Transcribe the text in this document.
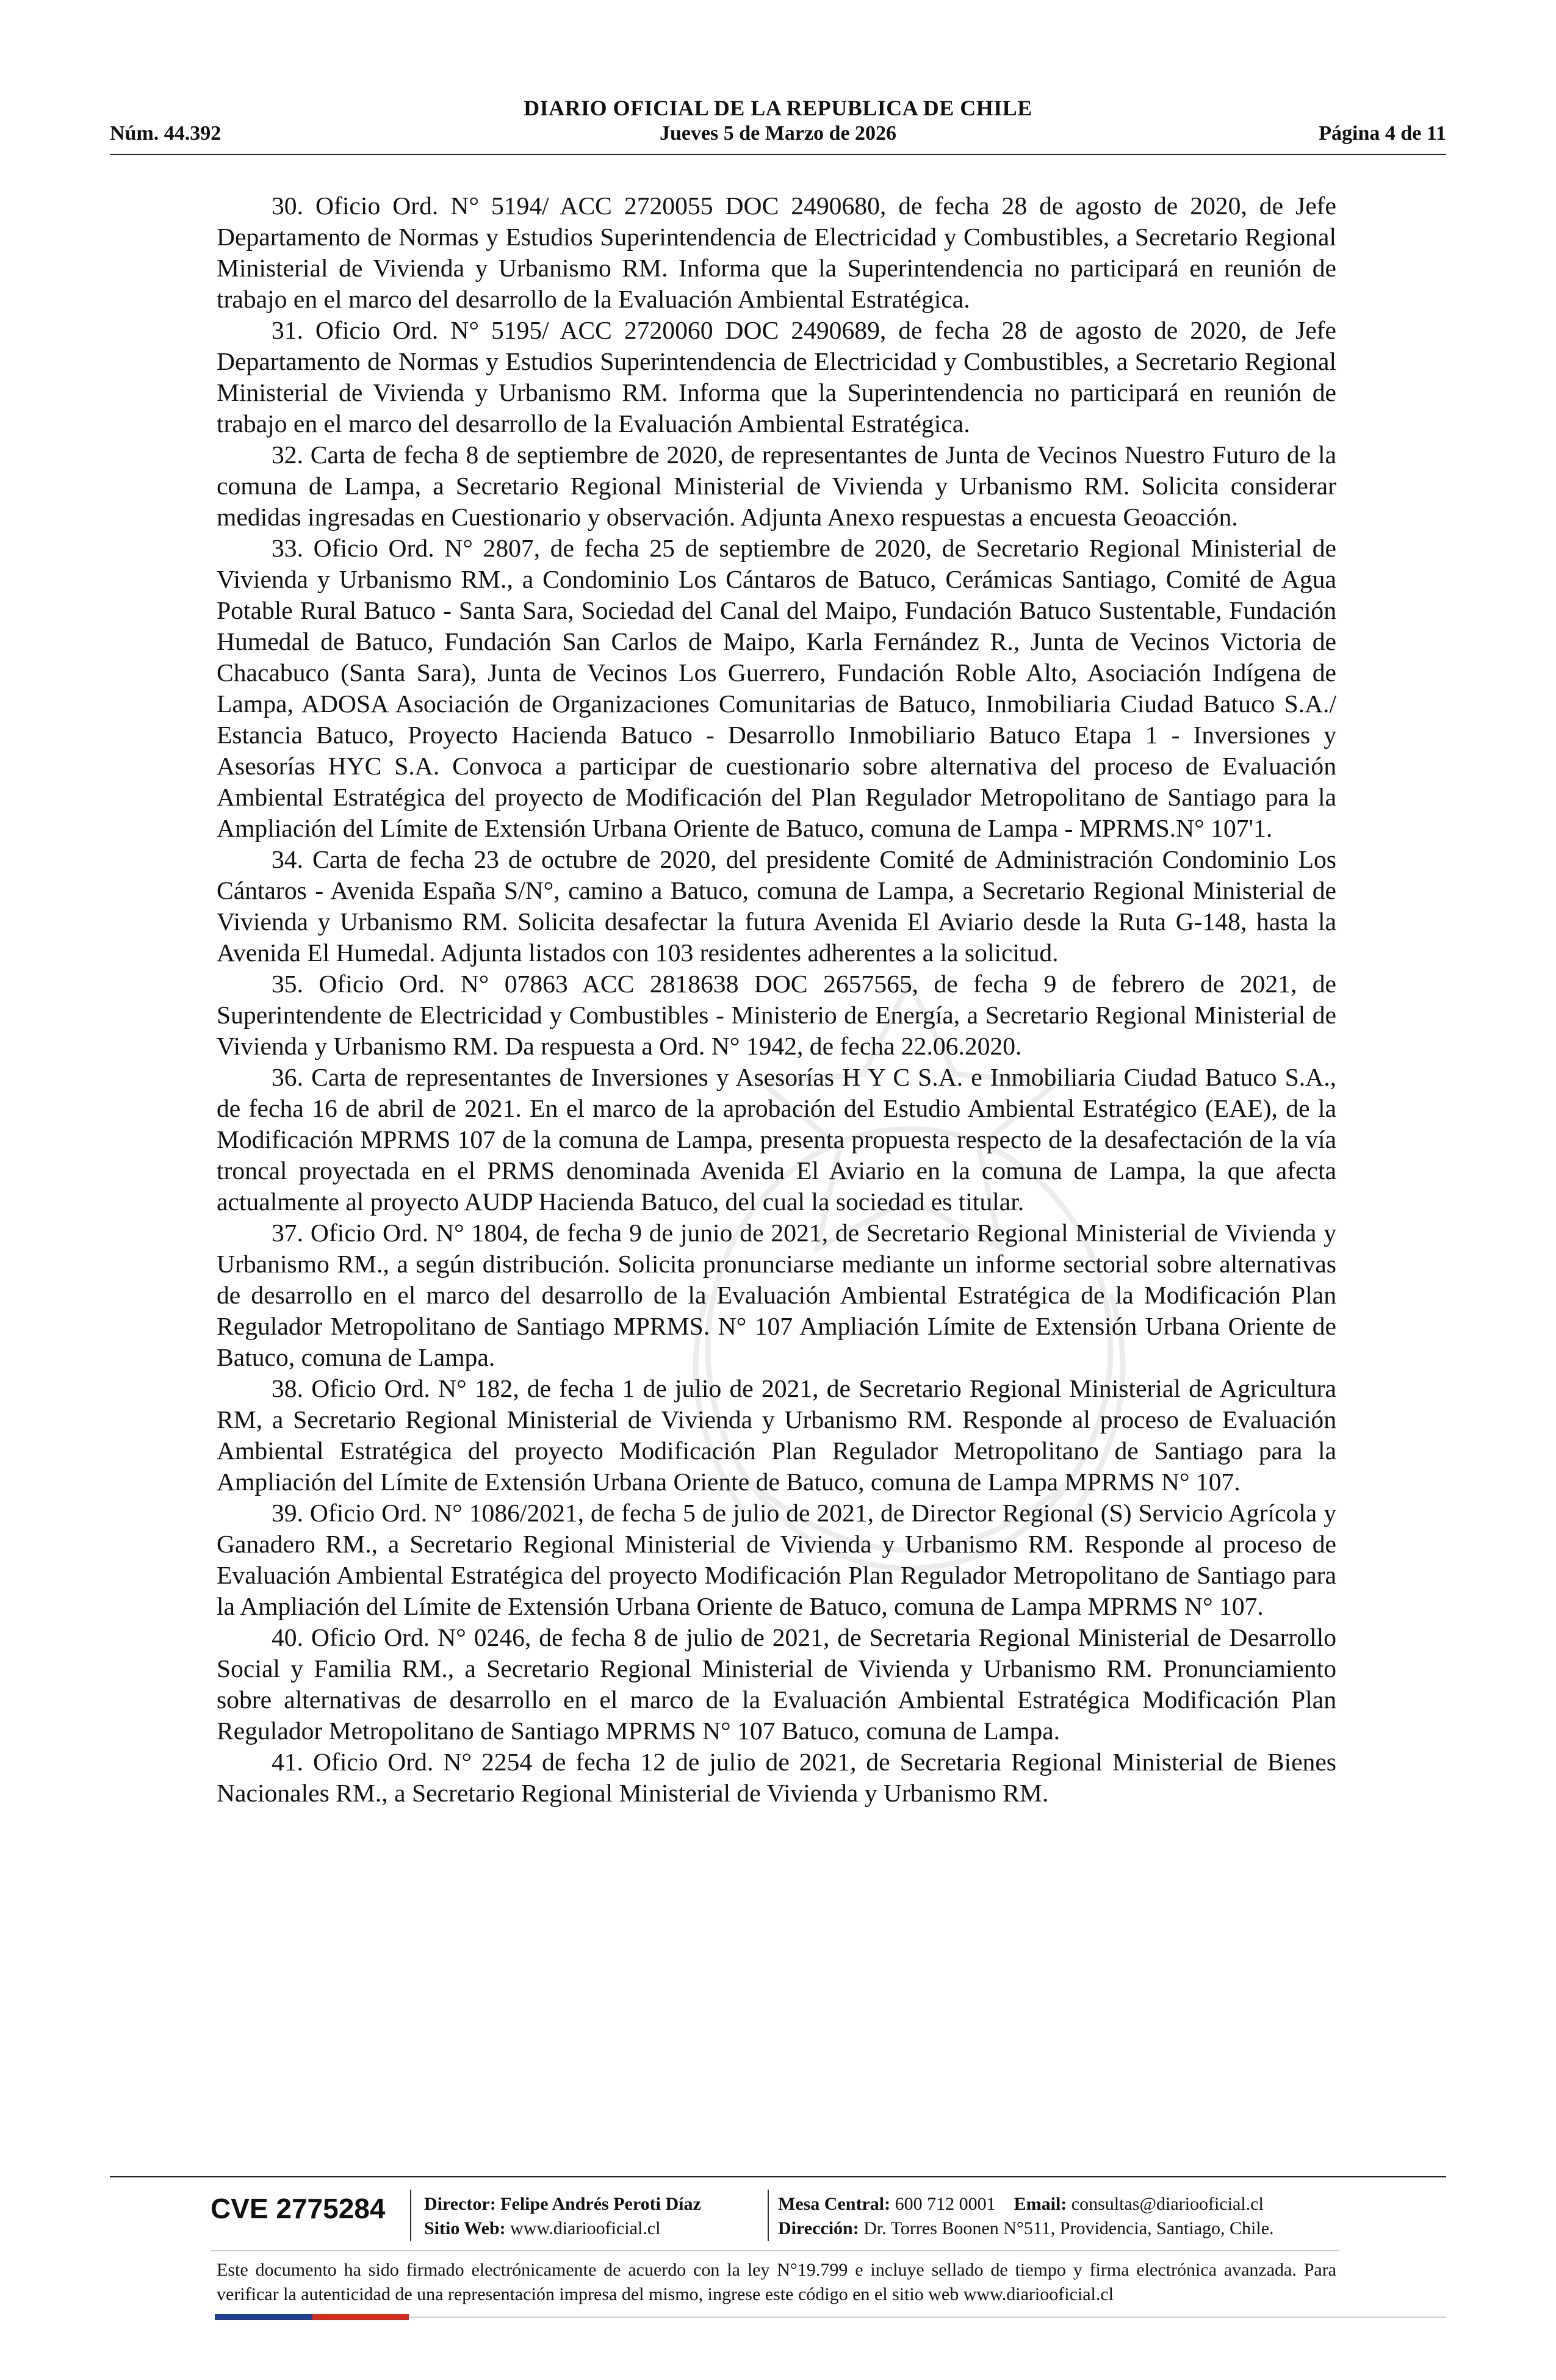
DIARIO OFICIAL DE LA REPUBLICA DE CHILE
Núm. 44.392	Jueves 5 de Marzo de 2026	Página 4 de 11

30. Oficio Ord. N° 5194/ ACC 2720055 DOC 2490680, de fecha 28 de agosto de 2020, de Jefe Departamento de Normas y Estudios Superintendencia de Electricidad y Combustibles, a Secretario Regional Ministerial de Vivienda y Urbanismo RM. Informa que la Superintendencia no participará en reunión de trabajo en el marco del desarrollo de la Evaluación Ambiental Estratégica.

31. Oficio Ord. N° 5195/ ACC 2720060 DOC 2490689, de fecha 28 de agosto de 2020, de Jefe Departamento de Normas y Estudios Superintendencia de Electricidad y Combustibles, a Secretario Regional Ministerial de Vivienda y Urbanismo RM. Informa que la Superintendencia no participará en reunión de trabajo en el marco del desarrollo de la Evaluación Ambiental Estratégica.

32. Carta de fecha 8 de septiembre de 2020, de representantes de Junta de Vecinos Nuestro Futuro de la comuna de Lampa, a Secretario Regional Ministerial de Vivienda y Urbanismo RM. Solicita considerar medidas ingresadas en Cuestionario y observación. Adjunta Anexo respuestas a encuesta Geoacción.

33. Oficio Ord. N° 2807, de fecha 25 de septiembre de 2020, de Secretario Regional Ministerial de Vivienda y Urbanismo RM., a Condominio Los Cántaros de Batuco, Cerámicas Santiago, Comité de Agua Potable Rural Batuco - Santa Sara, Sociedad del Canal del Maipo, Fundación Batuco Sustentable, Fundación Humedal de Batuco, Fundación San Carlos de Maipo, Karla Fernández R., Junta de Vecinos Victoria de Chacabuco (Santa Sara), Junta de Vecinos Los Guerrero, Fundación Roble Alto, Asociación Indígena de Lampa, ADOSA Asociación de Organizaciones Comunitarias de Batuco, Inmobiliaria Ciudad Batuco S.A./ Estancia Batuco, Proyecto Hacienda Batuco - Desarrollo Inmobiliario Batuco Etapa 1 - Inversiones y Asesorías HYC S.A. Convoca a participar de cuestionario sobre alternativa del proceso de Evaluación Ambiental Estratégica del proyecto de Modificación del Plan Regulador Metropolitano de Santiago para la Ampliación del Límite de Extensión Urbana Oriente de Batuco, comuna de Lampa - MPRMS.N° 107'1.

34. Carta de fecha 23 de octubre de 2020, del presidente Comité de Administración Condominio Los Cántaros - Avenida España S/N°, camino a Batuco, comuna de Lampa, a Secretario Regional Ministerial de Vivienda y Urbanismo RM. Solicita desafectar la futura Avenida El Aviario desde la Ruta G-148, hasta la Avenida El Humedal. Adjunta listados con 103 residentes adherentes a la solicitud.

35. Oficio Ord. N° 07863 ACC 2818638 DOC 2657565, de fecha 9 de febrero de 2021, de Superintendente de Electricidad y Combustibles - Ministerio de Energía, a Secretario Regional Ministerial de Vivienda y Urbanismo RM. Da respuesta a Ord. N° 1942, de fecha 22.06.2020.

36. Carta de representantes de Inversiones y Asesorías H Y C S.A. e Inmobiliaria Ciudad Batuco S.A., de fecha 16 de abril de 2021. En el marco de la aprobación del Estudio Ambiental Estratégico (EAE), de la Modificación MPRMS 107 de la comuna de Lampa, presenta propuesta respecto de la desafectación de la vía troncal proyectada en el PRMS denominada Avenida El Aviario en la comuna de Lampa, la que afecta actualmente al proyecto AUDP Hacienda Batuco, del cual la sociedad es titular.

37. Oficio Ord. N° 1804, de fecha 9 de junio de 2021, de Secretario Regional Ministerial de Vivienda y Urbanismo RM., a según distribución. Solicita pronunciarse mediante un informe sectorial sobre alternativas de desarrollo en el marco del desarrollo de la Evaluación Ambiental Estratégica de la Modificación Plan Regulador Metropolitano de Santiago MPRMS. N° 107 Ampliación Límite de Extensión Urbana Oriente de Batuco, comuna de Lampa.

38. Oficio Ord. N° 182, de fecha 1 de julio de 2021, de Secretario Regional Ministerial de Agricultura RM, a Secretario Regional Ministerial de Vivienda y Urbanismo RM. Responde al proceso de Evaluación Ambiental Estratégica del proyecto Modificación Plan Regulador Metropolitano de Santiago para la Ampliación del Límite de Extensión Urbana Oriente de Batuco, comuna de Lampa MPRMS N° 107.

39. Oficio Ord. N° 1086/2021, de fecha 5 de julio de 2021, de Director Regional (S) Servicio Agrícola y Ganadero RM., a Secretario Regional Ministerial de Vivienda y Urbanismo RM. Responde al proceso de Evaluación Ambiental Estratégica del proyecto Modificación Plan Regulador Metropolitano de Santiago para la Ampliación del Límite de Extensión Urbana Oriente de Batuco, comuna de Lampa MPRMS N° 107.

40. Oficio Ord. N° 0246, de fecha 8 de julio de 2021, de Secretaria Regional Ministerial de Desarrollo Social y Familia RM., a Secretario Regional Ministerial de Vivienda y Urbanismo RM. Pronunciamiento sobre alternativas de desarrollo en el marco de la Evaluación Ambiental Estratégica Modificación Plan Regulador Metropolitano de Santiago MPRMS N° 107 Batuco, comuna de Lampa.

41. Oficio Ord. N° 2254 de fecha 12 de julio de 2021, de Secretaria Regional Ministerial de Bienes Nacionales RM., a Secretario Regional Ministerial de Vivienda y Urbanismo RM.

CVE 2775284 Director: Felipe Andrés Peroti Díaz
Sitio Web: www.diariooficial.cl
Mesa Central: 600 712 0001 Email: consultas@diariooficial.cl
Dirección: Dr. Torres Boonen N°511, Providencia, Santiago, Chile.
Este documento ha sido firmado electrónicamente de acuerdo con la ley N°19.799 e incluye sellado de tiempo y firma electrónica avanzada. Para verificar la autenticidad de una representación impresa del mismo, ingrese este código en el sitio web www.diariooficial.cl
